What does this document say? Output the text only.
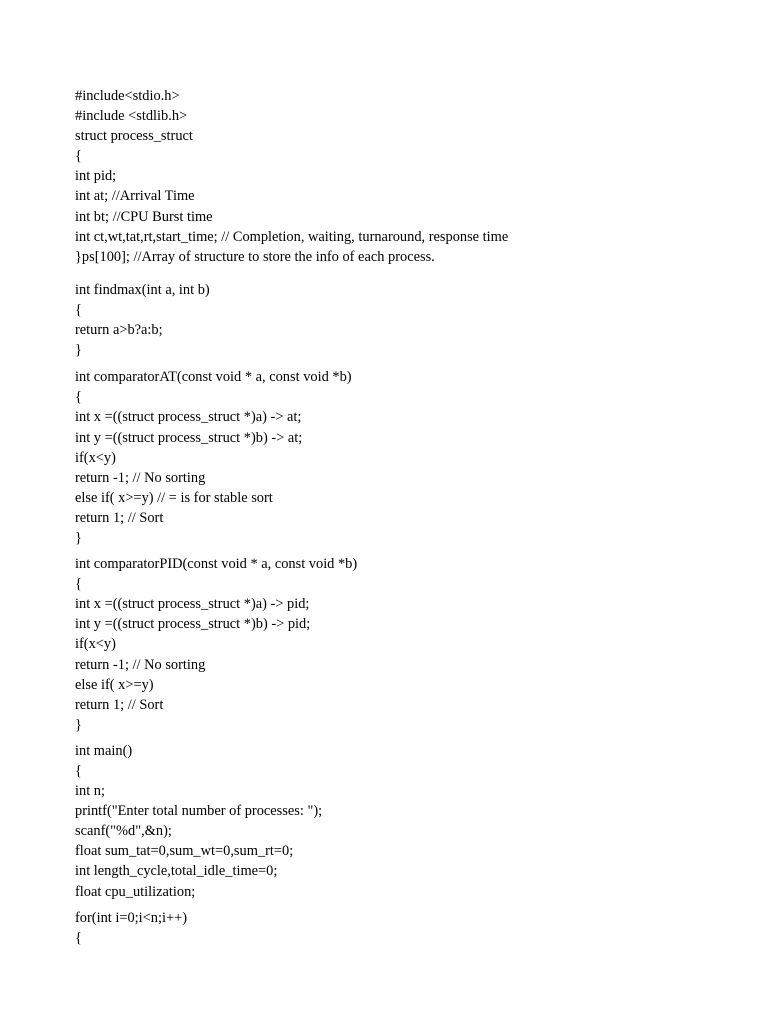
#include<stdio.h>
#include <stdlib.h>
struct process_struct
{
int pid;
int at; //Arrival Time
int bt; //CPU Burst time
int ct,wt,tat,rt,start_time; // Completion, waiting, turnaround, response time
}ps[100]; //Array of structure to store the info of each process.
int findmax(int a, int b)
{
return a>b?a:b;
}
int comparatorAT(const void * a, const void *b)
{
int x =((struct process_struct *)a) -> at;
int y =((struct process_struct *)b) -> at;
if(x<y)
return -1; // No sorting
else if( x>=y) // = is for stable sort
return 1; // Sort
}
int comparatorPID(const void * a, const void *b)
{
int x =((struct process_struct *)a) -> pid;
int y =((struct process_struct *)b) -> pid;
if(x<y)
return -1; // No sorting
else if( x>=y)
return 1; // Sort
}
int main()
{
int n;
printf("Enter total number of processes: ");
scanf("%d",&n);
float sum_tat=0,sum_wt=0,sum_rt=0;
int length_cycle,total_idle_time=0;
float cpu_utilization;
for(int i=0;i<n;i++)
{
